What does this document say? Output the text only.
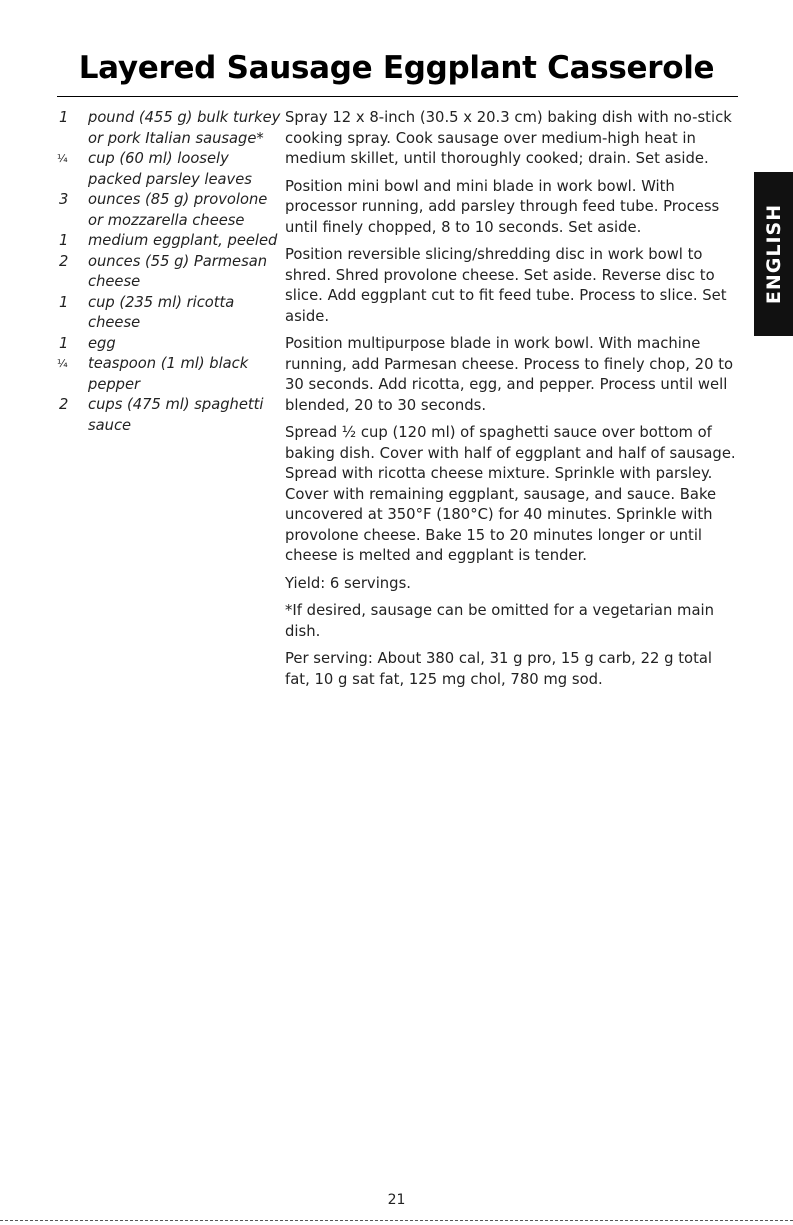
Layered Sausage Eggplant Casserole
1	pound (455 g) bulk turkey or pork Italian sausage*
¼	cup (60 ml) loosely packed parsley leaves
3	ounces (85 g) provolone or mozzarella cheese
1	medium eggplant, peeled
2	ounces (55 g) Parmesan cheese
1	cup (235 ml) ricotta cheese
1	egg
¼	teaspoon (1 ml) black pepper
2	cups (475 ml) spaghetti sauce

Spray 12 x 8-inch (30.5 x 20.3 cm) baking dish with no-stick cooking spray. Cook sausage over medium-high heat in medium skillet, until thoroughly cooked; drain. Set aside.

Position mini bowl and mini blade in work bowl. With processor running, add parsley through feed tube. Process until finely chopped, 8 to 10 seconds. Set aside.

Position reversible slicing/shredding disc in work bowl to shred. Shred provolone cheese. Set aside. Reverse disc to slice. Add eggplant cut to fit feed tube. Process to slice. Set aside.

Position multipurpose blade in work bowl. With machine running, add Parmesan cheese. Process to finely chop, 20 to 30 seconds. Add ricotta, egg, and pepper. Process until well blended, 20 to 30 seconds.

Spread ½ cup (120 ml) of spaghetti sauce over bottom of baking dish. Cover with half of eggplant and half of sausage. Spread with ricotta cheese mixture. Sprinkle with parsley. Cover with remaining eggplant, sausage, and sauce. Bake uncovered at 350°F (180°C) for 40 minutes. Sprinkle with provolone cheese. Bake 15 to 20 minutes longer or until cheese is melted and eggplant is tender.

Yield: 6 servings.

*If desired, sausage can be omitted for a vegetarian main dish.

Per serving: About 380 cal, 31 g pro, 15 g carb, 22 g total fat, 10 g sat fat, 125 mg chol, 780 mg sod.

ENGLISH
21
